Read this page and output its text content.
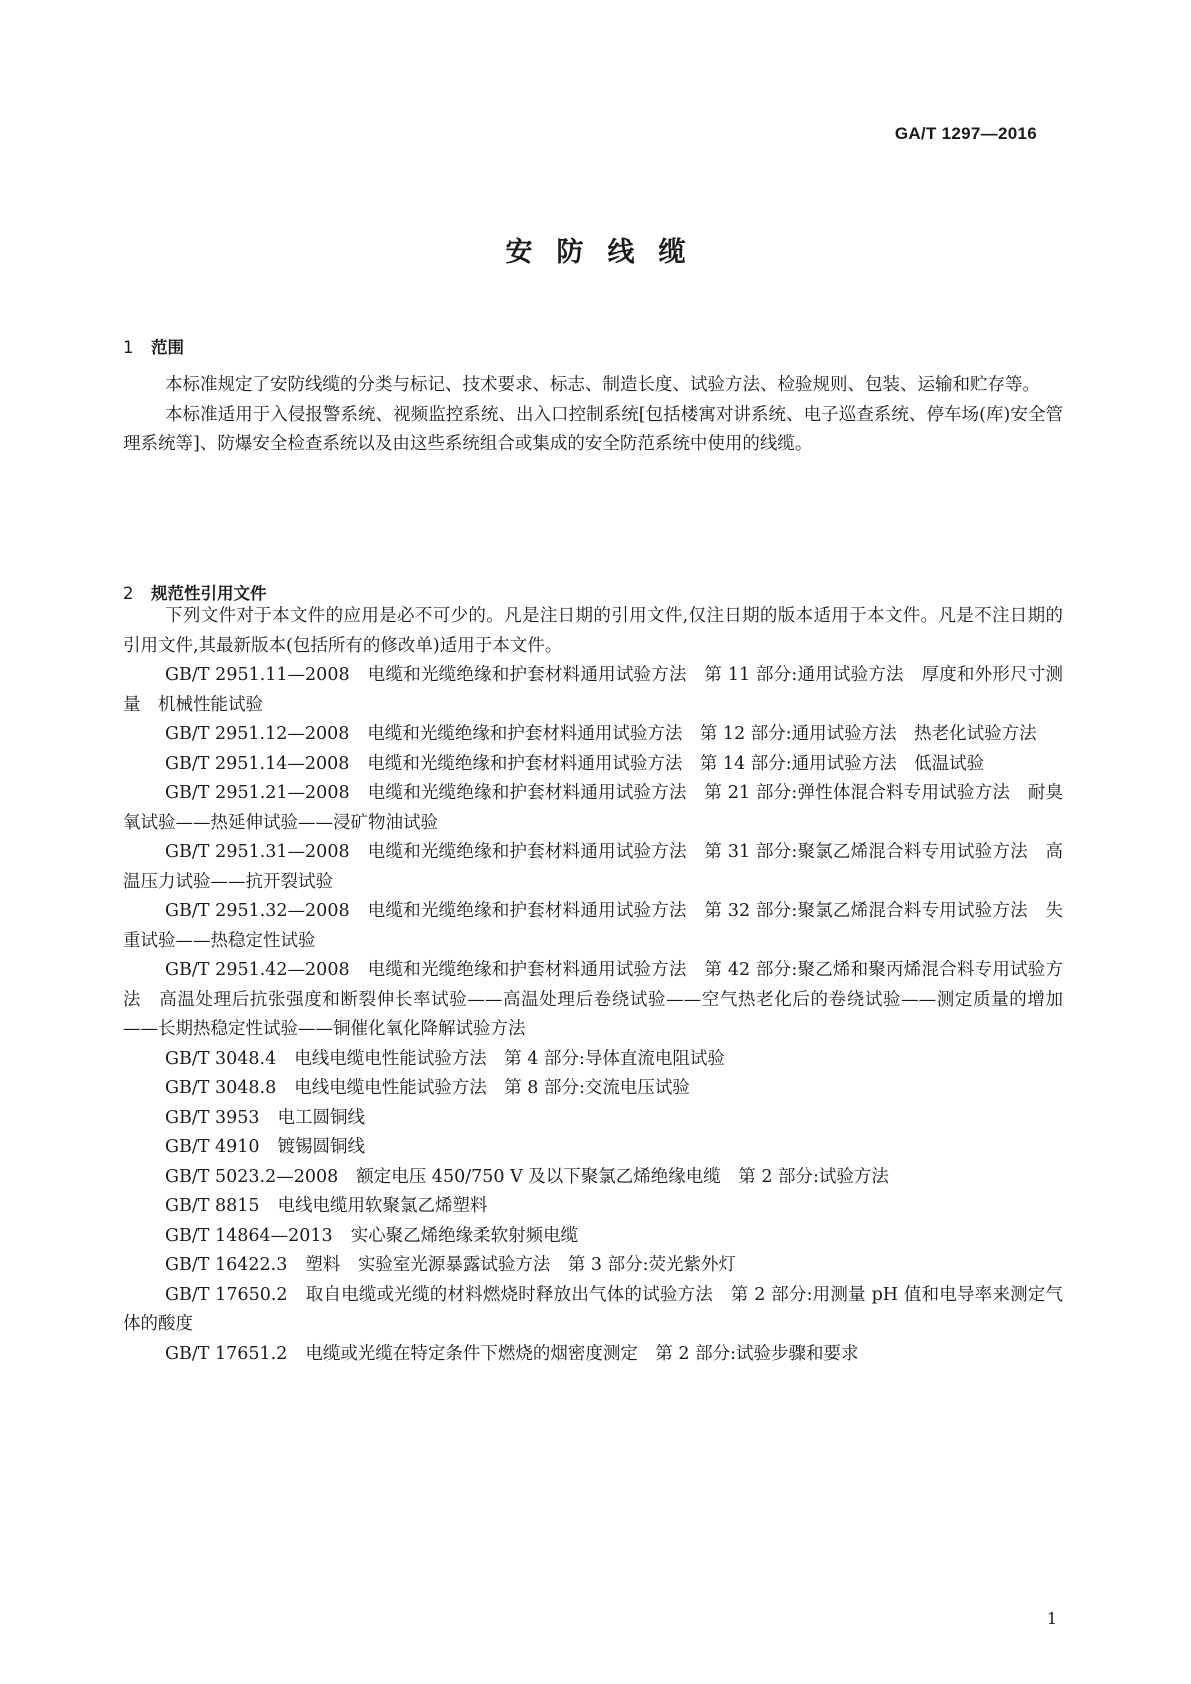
GA/T 1297—2016
安防线缆
1 范围

本标准规定了安防线缆的分类与标记、技术要求、标志、制造长度、试验方法、检验规则、包装、运输和贮存等。

本标准适用于入侵报警系统、视频监控系统、出入口控制系统[包括楼寓对讲系统、电子巡查系统、停车场(库)安全管理系统等]、防爆安全检查系统以及由这些系统组合或集成的安全防范系统中使用的线缆。

2 规范性引用文件

下列文件对于本文件的应用是必不可少的。凡是注日期的引用文件,仅注日期的版本适用于本文件。凡是不注日期的引用文件,其最新版本(包括所有的修改单)适用于本文件。

GB/T 2951.11—2008 电缆和光缆绝缘和护套材料通用试验方法　第 11 部分:通用试验方法　厚度和外形尺寸测量　机械性能试验

GB/T 2951.12—2008 电缆和光缆绝缘和护套材料通用试验方法　第 12 部分:通用试验方法　热老化试验方法

GB/T 2951.14—2008 电缆和光缆绝缘和护套材料通用试验方法　第 14 部分:通用试验方法　低温试验

GB/T 2951.21—2008 电缆和光缆绝缘和护套材料通用试验方法　第 21 部分:弹性体混合料专用试验方法　耐臭氧试验——热延伸试验——浸矿物油试验

GB/T 2951.31—2008 电缆和光缆绝缘和护套材料通用试验方法　第 31 部分:聚氯乙烯混合料专用试验方法　高温压力试验——抗开裂试验

GB/T 2951.32—2008 电缆和光缆绝缘和护套材料通用试验方法　第 32 部分:聚氯乙烯混合料专用试验方法　失重试验——热稳定性试验

GB/T 2951.42—2008 电缆和光缆绝缘和护套材料通用试验方法　第 42 部分:聚乙烯和聚丙烯混合料专用试验方法　高温处理后抗张强度和断裂伸长率试验——高温处理后卷绕试验——空气热老化后的卷绕试验——测定质量的增加——长期热稳定性试验——铜催化氧化降解试验方法

GB/T 3048.4 电线电缆电性能试验方法　第 4 部分:导体直流电阻试验

GB/T 3048.8 电线电缆电性能试验方法　第 8 部分:交流电压试验

GB/T 3953 电工圆铜线

GB/T 4910 镀锡圆铜线

GB/T 5023.2—2008 额定电压 450/750 V 及以下聚氯乙烯绝缘电缆　第 2 部分:试验方法

GB/T 8815 电线电缆用软聚氯乙烯塑料

GB/T 14864—2013 实心聚乙烯绝缘柔软射频电缆

GB/T 16422.3 塑料　实验室光源暴露试验方法　第 3 部分:荧光紫外灯

GB/T 17650.2 取自电缆或光缆的材料燃烧时释放出气体的试验方法　第 2 部分:用测量 pH 值和电导率来测定气体的酸度

GB/T 17651.2 电缆或光缆在特定条件下燃烧的烟密度测定　第 2 部分:试验步骤和要求

1
